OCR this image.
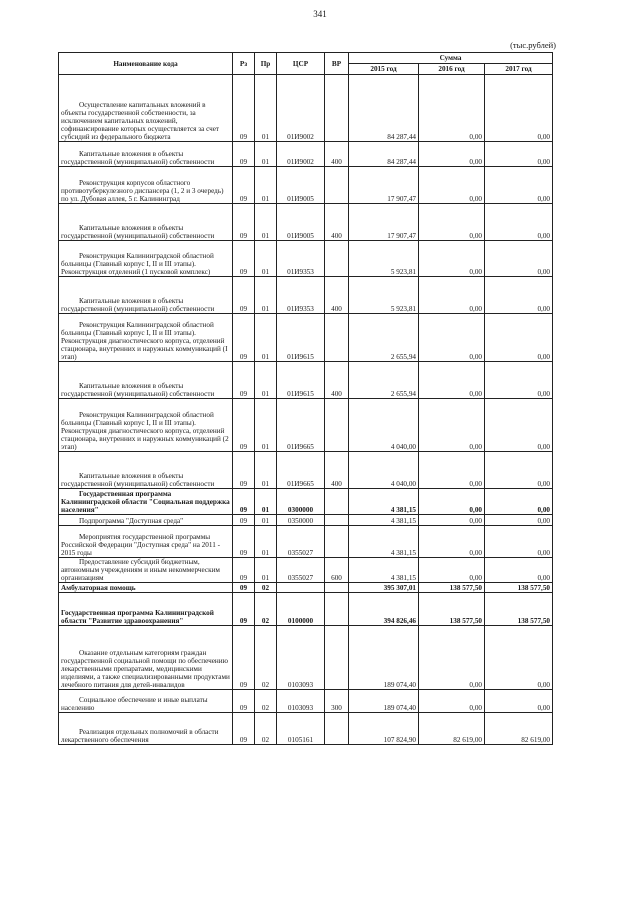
341
(тыс.рублей)
Наименование кода	Рз	Пр	ЦСР	ВР	Сумма		
					2015 год	2016 год	2017 год

Осуществление капитальных вложений в объекты государственной собственности, за исключением капитальных вложений, софинансирование которых осуществляется за счет субсидий из федерального бюджета	09	01	01И9002		84 287,44	0,00	0,00

Капитальные вложения в объекты государственной (муниципальной) собственности	09	01	01И9002	400	84 287,44	0,00	0,00

Реконструкция корпусов областного противотуберкулезного диспансера (1, 2 и 3 очередь) по ул. Дубовая аллея, 5 г. Калининград	09	01	01И9005		17 907,47	0,00	0,00

Капитальные вложения в объекты государственной (муниципальной) собственности	09	01	01И9005	400	17 907,47	0,00	0,00

Реконструкция Калининградской областной больницы (Главный корпус I, II и III этапы). Реконструкция отделений (1 пусковой комплекс)	09	01	01И9353		5 923,81	0,00	0,00

Капитальные вложения в объекты государственной (муниципальной) собственности	09	01	01И9353	400	5 923,81	0,00	0,00

Реконструкция Калининградской областной больницы (Главный корпус I, II и III этапы). Реконструкция диагностического корпуса, отделений стационара, внутренних и наружных коммуникаций (I этап)	09	01	01И9615		2 655,94	0,00	0,00

Капитальные вложения в объекты государственной (муниципальной) собственности	09	01	01И9615	400	2 655,94	0,00	0,00

Реконструкция Калининградской областной больницы (Главный корпус I, II и III этапы). Реконструкция диагностического корпуса, отделений стационара, внутренних и наружных коммуникаций (2 этап)	09	01	01И9665		4 040,00	0,00	0,00

Капитальные вложения в объекты государственной (муниципальной) собственности	09	01	01И9665	400	4 040,00	0,00	0,00

Государственная программа Калининградской области "Социальная поддержка населения"	09	01	0300000		4 381,15	0,00	0,00

Подпрограмма "Доступная среда"	09	01	0350000		4 381,15	0,00	0,00

Мероприятия государственной программы Российской Федерации "Доступная среда" на 2011 - 2015 годы	09	01	0355027		4 381,15	0,00	0,00

Предоставление субсидий бюджетным, автономным учреждениям и иным некоммерческим организациям	09	01	0355027	600	4 381,15	0,00	0,00
Амбулаторная помощь	09	02			395 307,01	138 577,50	138 577,50
Государственная программа Калининградской области "Развитие здравоохранения"	09	02	0100000		394 826,46	138 577,50	138 577,50

Оказание отдельным категориям граждан государственной социальной помощи по обеспечению лекарственными препаратами, медицинскими изделиями, а также специализированными продуктами лечебного питания для детей-инвалидов	09	02	0103093		189 074,40	0,00	0,00

Социальное обеспечение и иные выплаты населению	09	02	0103093	300	189 074,40	0,00	0,00

Реализация отдельных полномочий в области лекарственного обеспечения	09	02	0105161		107 824,90	82 619,00	82 619,00
